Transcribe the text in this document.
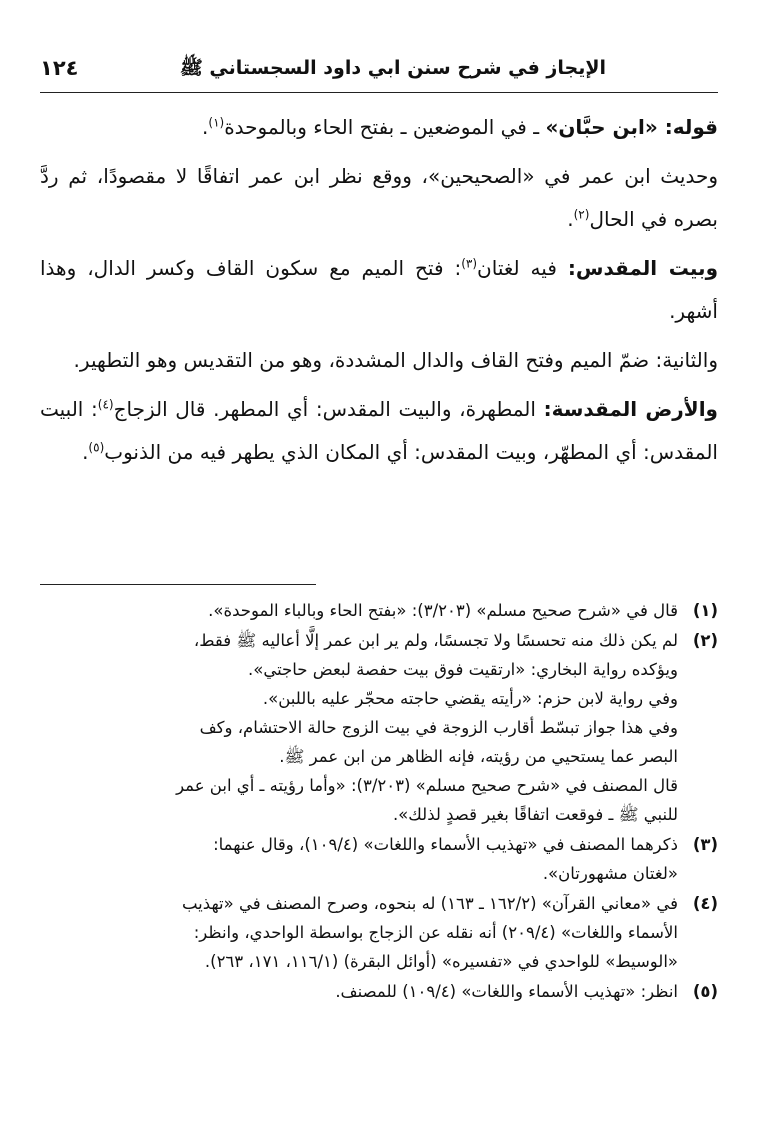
الإيجاز في شرح سنن ابي داود السجستاني ﷺ
١٢٤

قوله: «ابن حبَّان» ـ في الموضعين ـ بفتح الحاء وبالموحدة$^{(١)}$.

وحديث ابن عمر في «الصحيحين»، ووقع نظر ابن عمر اتفاقًا لا مقصودًا، ثم ردَّ بصره في الحال$^{(٢)}$.

وبيت المقدس: فيه لغتان$^{(٣)}$: فتح الميم مع سكون القاف وكسر الدال، وهذا أشهر.

والثانية: ضمّ الميم وفتح القاف والدال المشددة، وهو من التقديس وهو التطهير.

والأرض المقدسة: المطهرة، والبيت المقدس: أي المطهر. قال الزجاج$^{(٤)}$: البيت المقدس: أي المطهّر، وبيت المقدس: أي المكان الذي يطهر فيه من الذنوب$^{(٥)}$.

(١)
قال في «شرح صحيح مسلم» (٣/٢٠٣): «بفتح الحاء وبالباء الموحدة».
(٢)
لم يكن ذلك منه تحسسًا ولا تجسسًا، ولم ير ابن عمر إلَّا أعاليه ﷺ فقط،
ويؤكده رواية البخاري: «ارتقيت فوق بيت حفصة لبعض حاجتي».
وفي رواية لابن حزم: «رأيته يقضي حاجته محجّر عليه باللبن».
وفي هذا جواز تبسّط أقارب الزوجة في بيت الزوج حالة الاحتشام، وكف
البصر عما يستحيي من رؤيته، فإنه الظاهر من ابن عمر ﷺ.
قال المصنف في «شرح صحيح مسلم» (٣/٢٠٣): «وأما رؤيته ـ أي ابن عمر
للنبي ﷺ ـ فوقعت اتفاقًا بغير قصدٍ لذلك».
(٣)
ذكرهما المصنف في «تهذيب الأسماء واللغات» (١٠٩/٤)، وقال عنهما:
«لغتان مشهورتان».
(٤)
في «معاني القرآن» (١٦٢/٢ ـ ١٦٣) له بنحوه، وصرح المصنف في «تهذيب
الأسماء واللغات» (٢٠٩/٤) أنه نقله عن الزجاج بواسطة الواحدي، وانظر:
«الوسيط» للواحدي في «تفسيره» (أوائل البقرة) (١١٦/١، ١٧١، ٢٦٣).
(٥)
انظر: «تهذيب الأسماء واللغات» (١٠٩/٤) للمصنف.
